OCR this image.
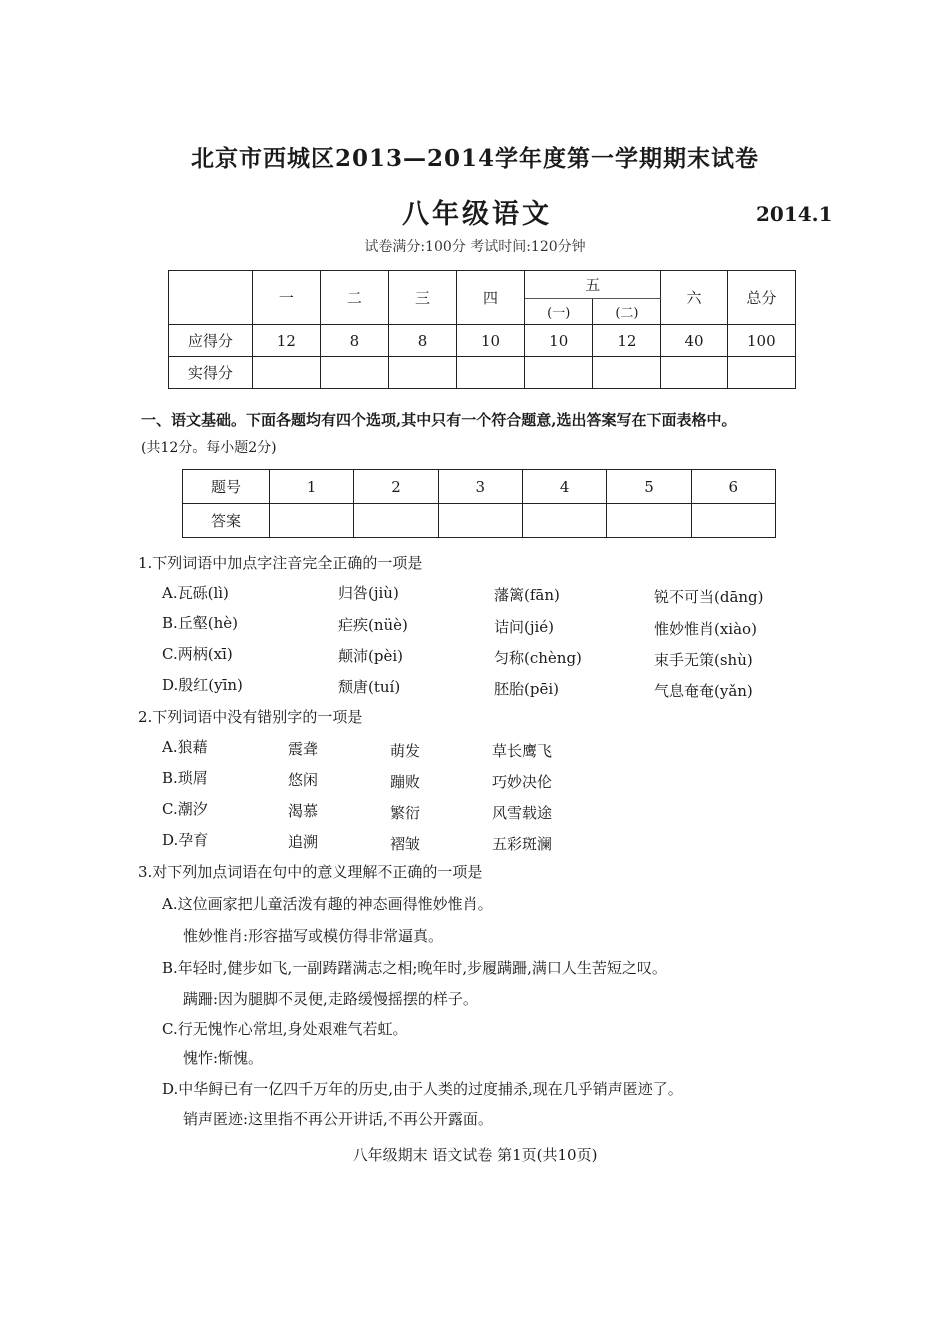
北京市西城区2013—2014学年度第一学期期末试卷
八年级语文	2014.1
试卷满分:100分 考试时间:120分钟
	一	二	三	四	五		六	总分
					(一)	(二)		
应得分	12	8	8	10	10	12	40	100
实得分								
一、语文基础。下面各题均有四个选项,其中只有一个符合题意,选出答案写在下面表格中。
(共12分。每小题2分)
题号	1	2	3	4	5	6
答案						
1.下列词语中加点字注音完全正确的一项是
A.瓦砾(lì)	归咎(jiù)	藩篱(fān)	锐不可当(dāng)
B.丘壑(hè)	疟疾(nüè)	诘问(jié)	惟妙惟肖(xiào)
C.两柄(xī)	颠沛(pèi)	匀称(chèng)	束手无策(shù)
D.殷红(yīn)	颓唐(tuí)	胚胎(pēi)	气息奄奄(yǎn)
2.下列词语中没有错别字的一项是
A.狼藉	震聋	萌发	草长鹰飞
B.琐屑	悠闲	蹦败	巧妙决伦
C.潮汐	渴慕	繁衍	风雪载途
D.孕育	追溯	褶皱	五彩斑澜
3.对下列加点词语在句中的意义理解不正确的一项是
A.这位画家把儿童活泼有趣的神态画得惟妙惟肖。
惟妙惟肖:形容描写或模仿得非常逼真。
B.年轻时,健步如飞,一副踌躇满志之相;晚年时,步履蹒跚,满口人生苦短之叹。
蹒跚:因为腿脚不灵便,走路缓慢摇摆的样子。
C.行无愧怍心常坦,身处艰难气若虹。
愧怍:惭愧。
D.中华鲟已有一亿四千万年的历史,由于人类的过度捕杀,现在几乎销声匿迹了。
销声匿迹:这里指不再公开讲话,不再公开露面。
八年级期末 语文试卷 第1页(共10页)
